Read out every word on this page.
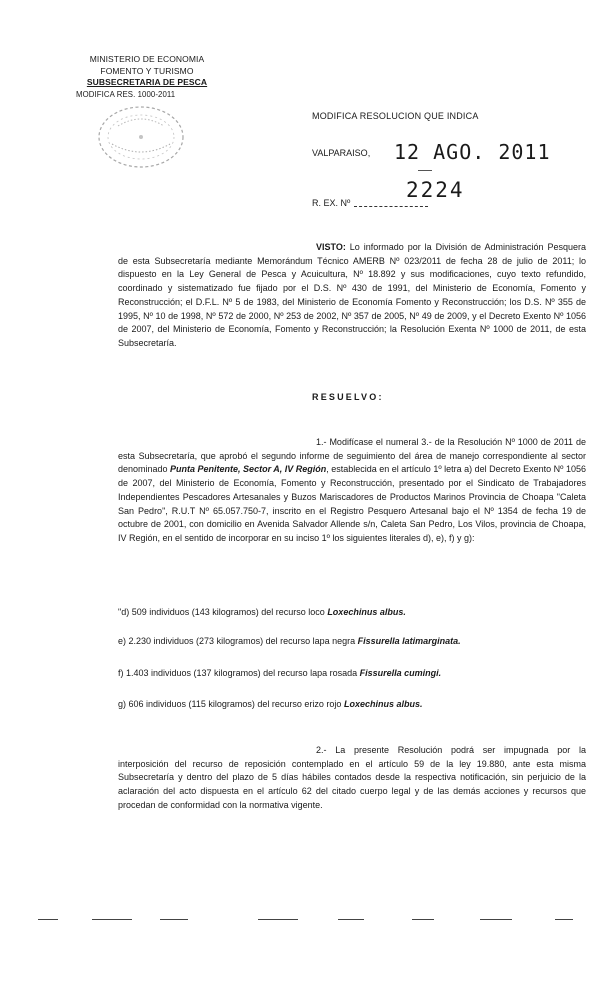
MINISTERIO DE ECONOMIA
FOMENTO Y TURISMO
SUBSECRETARIA DE PESCA
MODIFICA RES. 1000-2011
MODIFICA RESOLUCION QUE INDICA
VALPARAISO, 12 AGO. 2011
R. EX. Nº
2224
VISTO: Lo informado por la División de Administración Pesquera de esta Subsecretaría mediante Memorándum Técnico AMERB Nº 023/2011 de fecha 28 de julio de 2011; lo dispuesto en la Ley General de Pesca y Acuicultura, Nº 18.892 y sus modificaciones, cuyo texto refundido, coordinado y sistematizado fue fijado por el D.S. Nº 430 de 1991, del Ministerio de Economía, Fomento y Reconstrucción; el D.F.L. Nº 5 de 1983, del Ministerio de Economía Fomento y Reconstrucción; los D.S. Nº 355 de 1995, Nº 10 de 1998, Nº 572 de 2000, Nº 253 de 2002, Nº 357 de 2005, Nº 49 de 2009, y el Decreto Exento Nº 1056 de 2007, del Ministerio de Economía, Fomento y Reconstrucción; la Resolución Exenta Nº 1000 de 2011, de esta Subsecretaría.
RESUELVO:
1.- Modifícase el numeral 3.- de la Resolución Nº 1000 de 2011 de esta Subsecretaría, que aprobó el segundo informe de seguimiento del área de manejo correspondiente al sector denominado Punta Penitente, Sector A, IV Región, establecida en el artículo 1º letra a) del Decreto Exento Nº 1056 de 2007, del Ministerio de Economía, Fomento y Reconstrucción, presentado por el Sindicato de Trabajadores Independientes Pescadores Artesanales y Buzos Mariscadores de Productos Marinos Provincia de Choapa "Caleta San Pedro", R.U.T Nº 65.057.750-7, inscrito en el Registro Pesquero Artesanal bajo el Nº 1354 de fecha 19 de octubre de 2001, con domicilio en Avenida Salvador Allende s/n, Caleta San Pedro, Los Vilos, provincia de Choapa, IV Región, en el sentido de incorporar en su inciso 1º los siguientes literales d), e), f) y g):
"d) 509 individuos (143 kilogramos) del recurso loco Loxechinus albus.
e) 2.230 individuos (273 kilogramos) del recurso lapa negra Fissurella latimarginata.
f) 1.403 individuos (137 kilogramos) del recurso lapa rosada Fissurella cumingi.
g) 606 individuos (115 kilogramos) del recurso erizo rojo Loxechinus albus.
2.- La presente Resolución podrá ser impugnada por la interposición del recurso de reposición contemplado en el artículo 59 de la ley 19.880, ante esta misma Subsecretaría y dentro del plazo de 5 días hábiles contados desde la respectiva notificación, sin perjuicio de la aclaración del acto dispuesta en el artículo 62 del citado cuerpo legal y de las demás acciones y recursos que procedan de conformidad con la normativa vigente.
